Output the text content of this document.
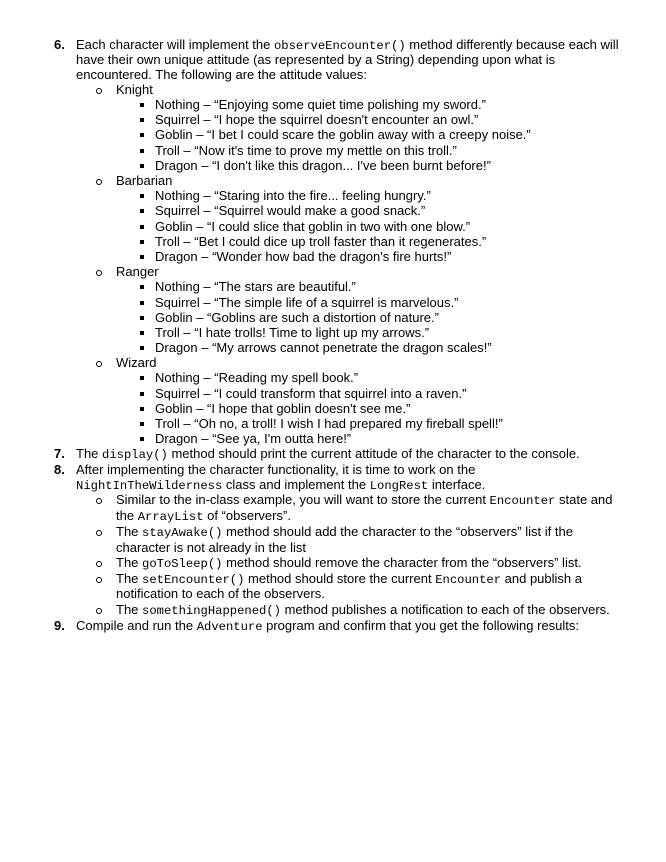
6. Each character will implement the observeEncounter() method differently because each will
have their own unique attitude (as represented by a String) depending upon what is
encountered. The following are the attitude values:
Knight
Nothing – “Enjoying some quiet time polishing my sword.”
Squirrel – “I hope the squirrel doesn't encounter an owl.”
Goblin – “I bet I could scare the goblin away with a creepy noise.”
Troll – “Now it's time to prove my mettle on this troll.”
Dragon – “I don't like this dragon... I've been burnt before!”
Barbarian
Nothing – “Staring into the fire... feeling hungry.”
Squirrel – “Squirrel would make a good snack.”
Goblin – “I could slice that goblin in two with one blow.”
Troll – “Bet I could dice up troll faster than it regenerates.”
Dragon – “Wonder how bad the dragon's fire hurts!”
Ranger
Nothing – “The stars are beautiful.”
Squirrel – “The simple life of a squirrel is marvelous.”
Goblin – “Goblins are such a distortion of nature.”
Troll – “I hate trolls! Time to light up my arrows.”
Dragon – “My arrows cannot penetrate the dragon scales!”
Wizard
Nothing – “Reading my spell book.”
Squirrel – “I could transform that squirrel into a raven.”
Goblin – “I hope that goblin doesn't see me.”
Troll – “Oh no, a troll! I wish I had prepared my fireball spell!”
Dragon – “See ya, I'm outta here!”
7. The display() method should print the current attitude of the character to the console.
8. After implementing the character functionality, it is time to work on the
NightInTheWilderness class and implement the LongRest interface.
Similar to the in-class example, you will want to store the current Encounter state and
the ArrayList of “observers”.
The stayAwake() method should add the character to the “observers” list if the
character is not already in the list
The goToSleep() method should remove the character from the “observers” list.
The setEncounter() method should store the current Encounter and publish a
notification to each of the observers.
The somethingHappened() method publishes a notification to each of the observers.
9. Compile and run the Adventure program and confirm that you get the following results:
